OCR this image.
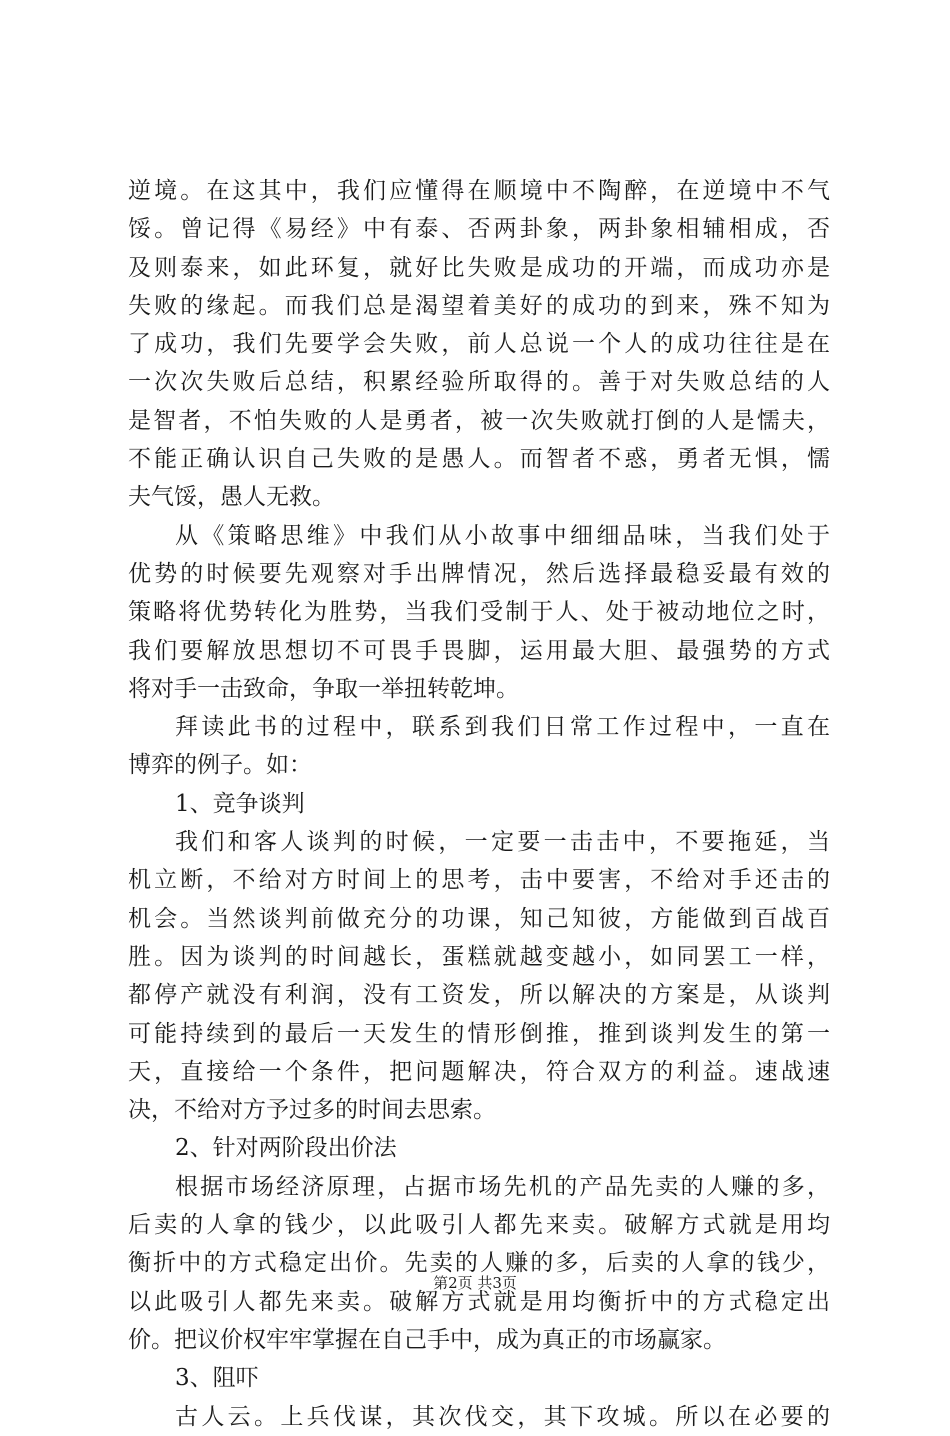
逆境。在这其中，我们应懂得在顺境中不陶醉，在逆境中不气
馁。曾记得《易经》中有泰、否两卦象，两卦象相辅相成，否
及则泰来，如此环复，就好比失败是成功的开端，而成功亦是
失败的缘起。而我们总是渴望着美好的成功的到来，殊不知为
了成功，我们先要学会失败，前人总说一个人的成功往往是在
一次次失败后总结，积累经验所取得的。善于对失败总结的人
是智者，不怕失败的人是勇者，被一次失败就打倒的人是懦夫，
不能正确认识自己失败的是愚人。而智者不惑，勇者无惧，懦
夫气馁，愚人无救。
从《策略思维》中我们从小故事中细细品味，当我们处于
优势的时候要先观察对手出牌情况，然后选择最稳妥最有效的
策略将优势转化为胜势，当我们受制于人、处于被动地位之时，
我们要解放思想切不可畏手畏脚，运用最大胆、最强势的方式
将对手一击致命，争取一举扭转乾坤。
拜读此书的过程中，联系到我们日常工作过程中，一直在
博弈的例子。如：
1、竞争谈判
我们和客人谈判的时候，一定要一击击中，不要拖延，当
机立断，不给对方时间上的思考，击中要害，不给对手还击的
机会。当然谈判前做充分的功课，知己知彼，方能做到百战百
胜。因为谈判的时间越长，蛋糕就越变越小，如同罢工一样，
都停产就没有利润，没有工资发，所以解决的方案是，从谈判
可能持续到的最后一天发生的情形倒推，推到谈判发生的第一
天，直接给一个条件，把问题解决，符合双方的利益。速战速
决，不给对方予过多的时间去思索。
2、针对两阶段出价法
根据市场经济原理，占据市场先机的产品先卖的人赚的多，
后卖的人拿的钱少，以此吸引人都先来卖。破解方式就是用均
衡折中的方式稳定出价。先卖的人赚的多，后卖的人拿的钱少，
以此吸引人都先来卖。破解方式就是用均衡折中的方式稳定出
价。把议价权牢牢掌握在自己手中，成为真正的市场赢家。
3、阻吓
古人云。上兵伐谋，其次伐交，其下攻城。所以在必要的
第2页 共3页
